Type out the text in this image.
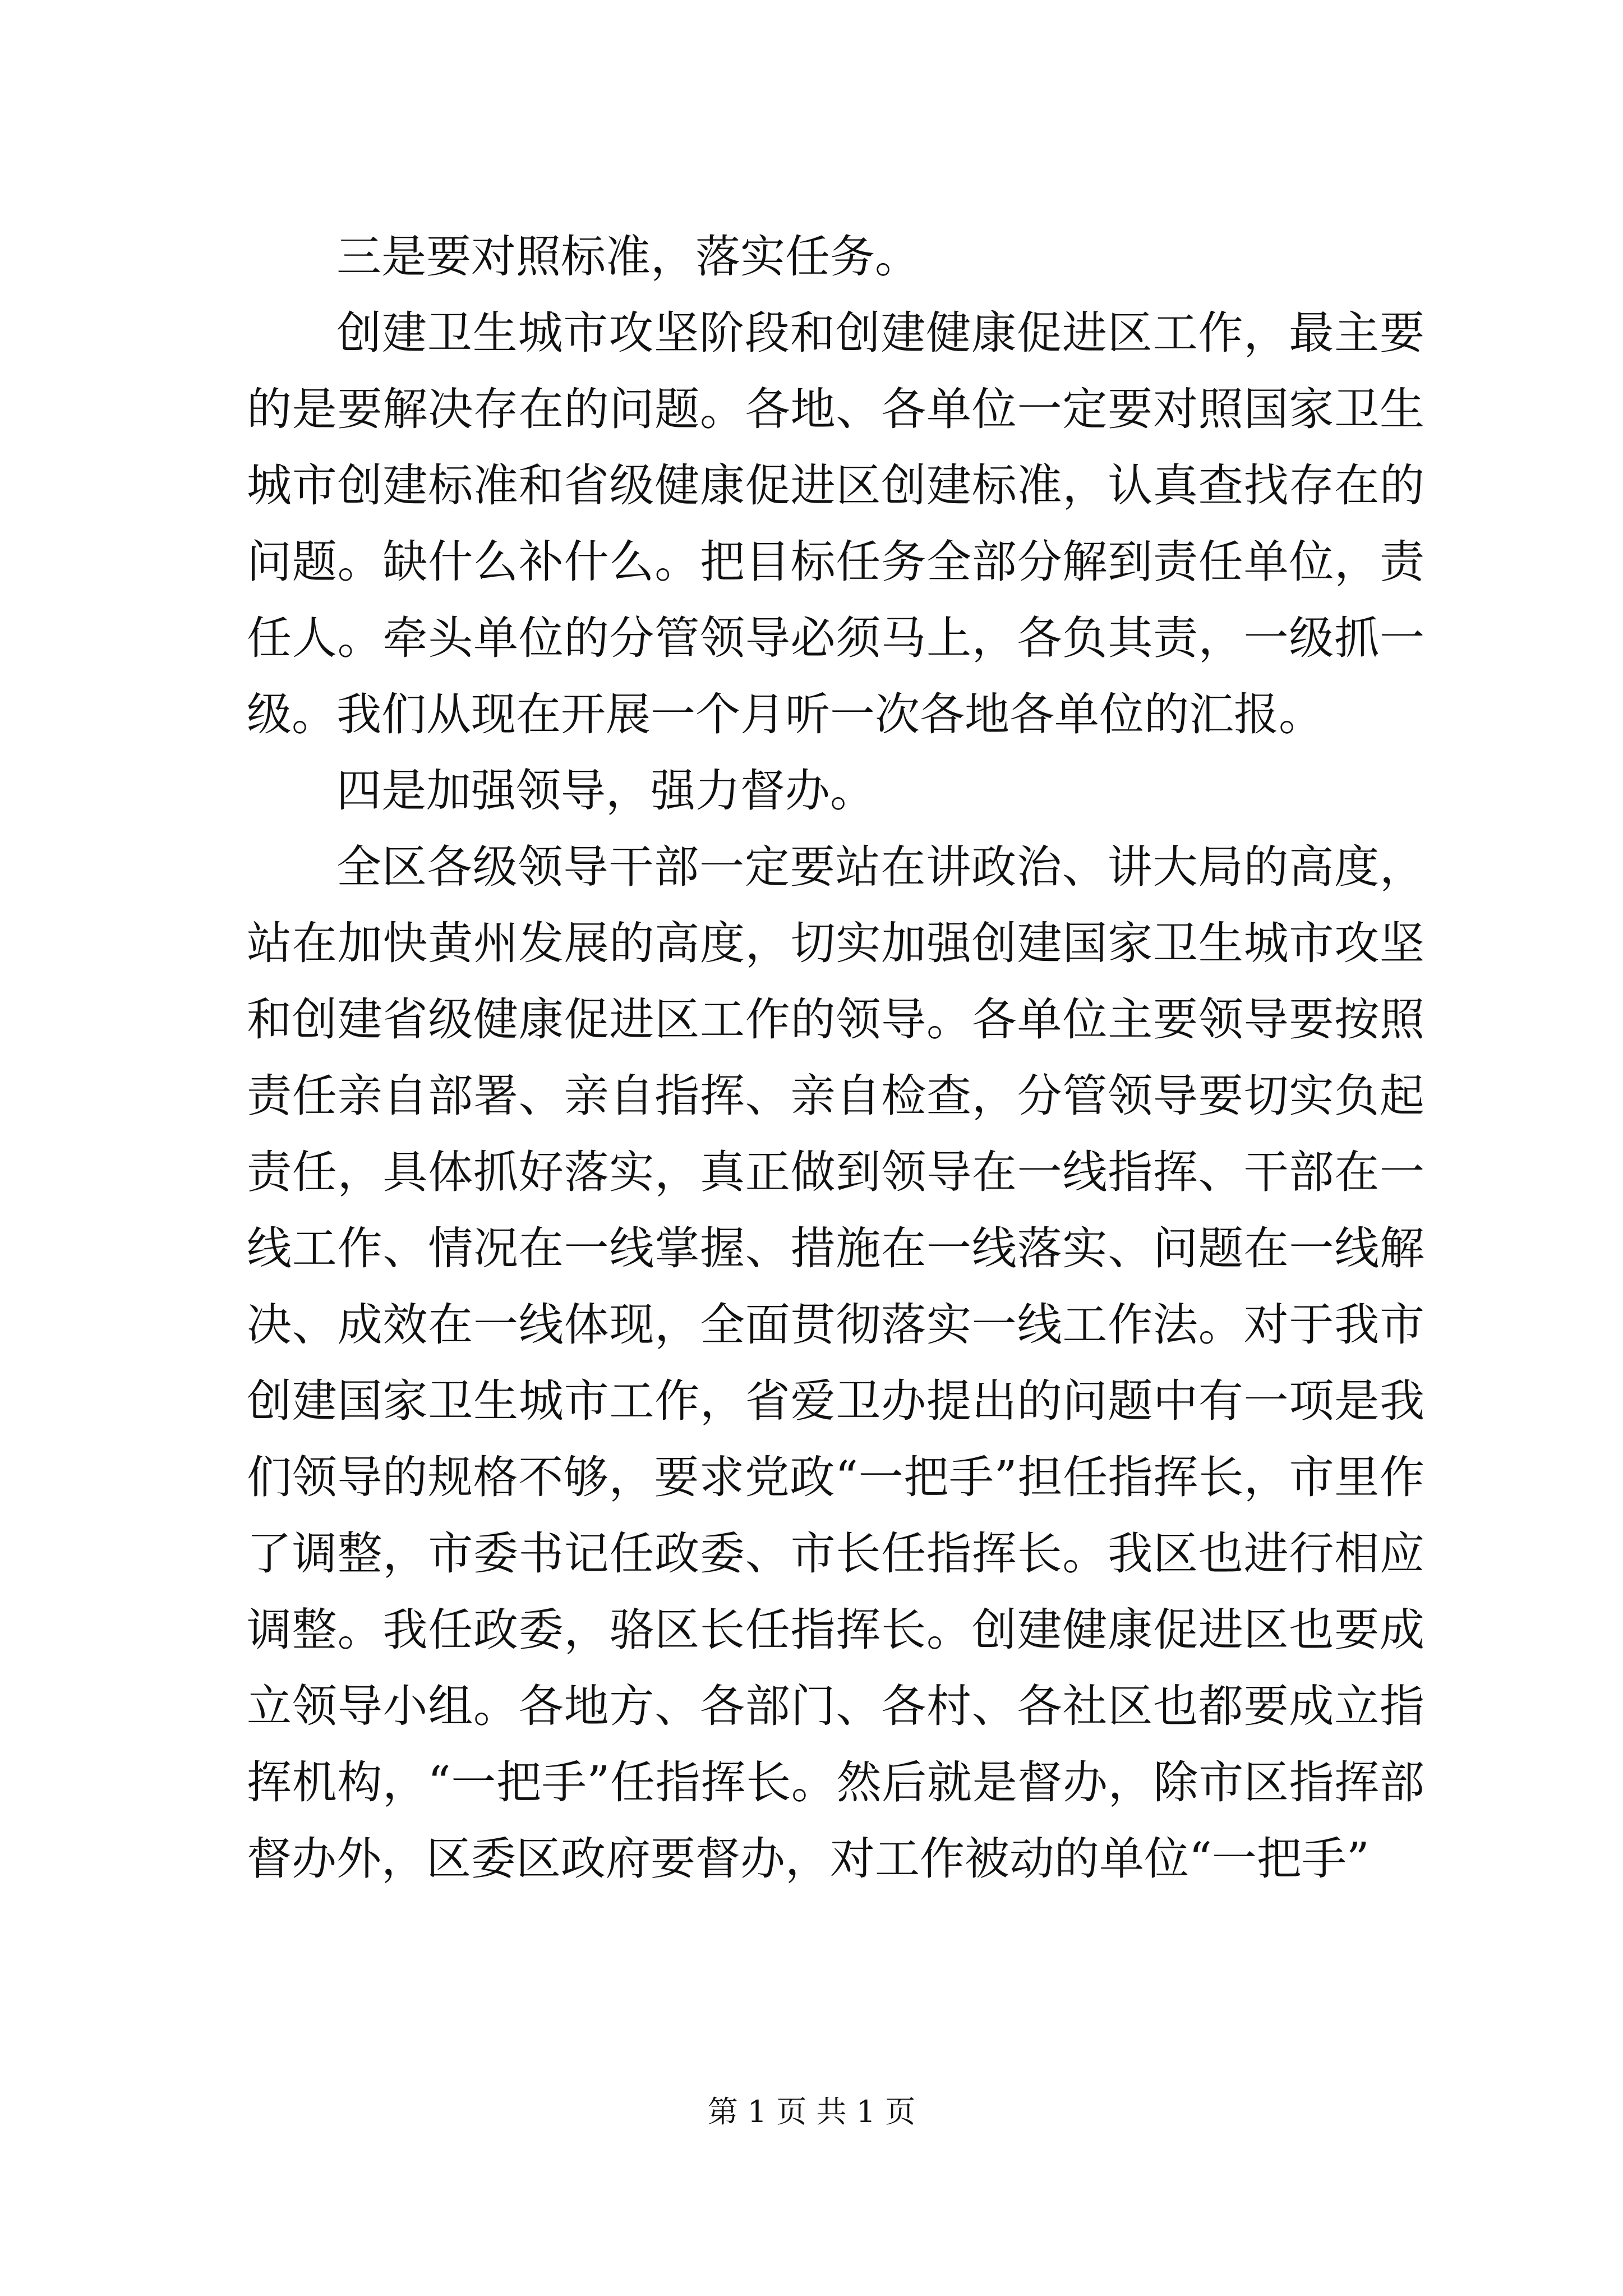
三是要对照标准，落实任务。

创建卫生城市攻坚阶段和创建健康促进区工作，最主要的是要解决存在的问题。各地、各单位一定要对照国家卫生城市创建标准和省级健康促进区创建标准，认真查找存在的问题。缺什么补什么。把目标任务全部分解到责任单位，责任人。牵头单位的分管领导必须马上，各负其责，一级抓一级。我们从现在开展一个月听一次各地各单位的汇报。

四是加强领导，强力督办。

全区各级领导干部一定要站在讲政治、讲大局的高度，站在加快黄州发展的高度，切实加强创建国家卫生城市攻坚和创建省级健康促进区工作的领导。各单位主要领导要按照责任亲自部署、亲自指挥、亲自检查，分管领导要切实负起责任，具体抓好落实，真正做到领导在一线指挥、干部在一线工作、情况在一线掌握、措施在一线落实、问题在一线解决、成效在一线体现，全面贯彻落实一线工作法。对于我市创建国家卫生城市工作，省爱卫办提出的问题中有一项是我们领导的规格不够，要求党政“一把手”担任指挥长，市里作了调整，市委书记任政委、市长任指挥长。我区也进行相应调整。我任政委，骆区长任指挥长。创建健康促进区也要成立领导小组。各地方、各部门、各村、各社区也都要成立指挥机构，“一把手”任指挥长。然后就是督办，除市区指挥部督办外，区委区政府要督办，对工作被动的单位“一把手”

第 1 页 共 1 页
